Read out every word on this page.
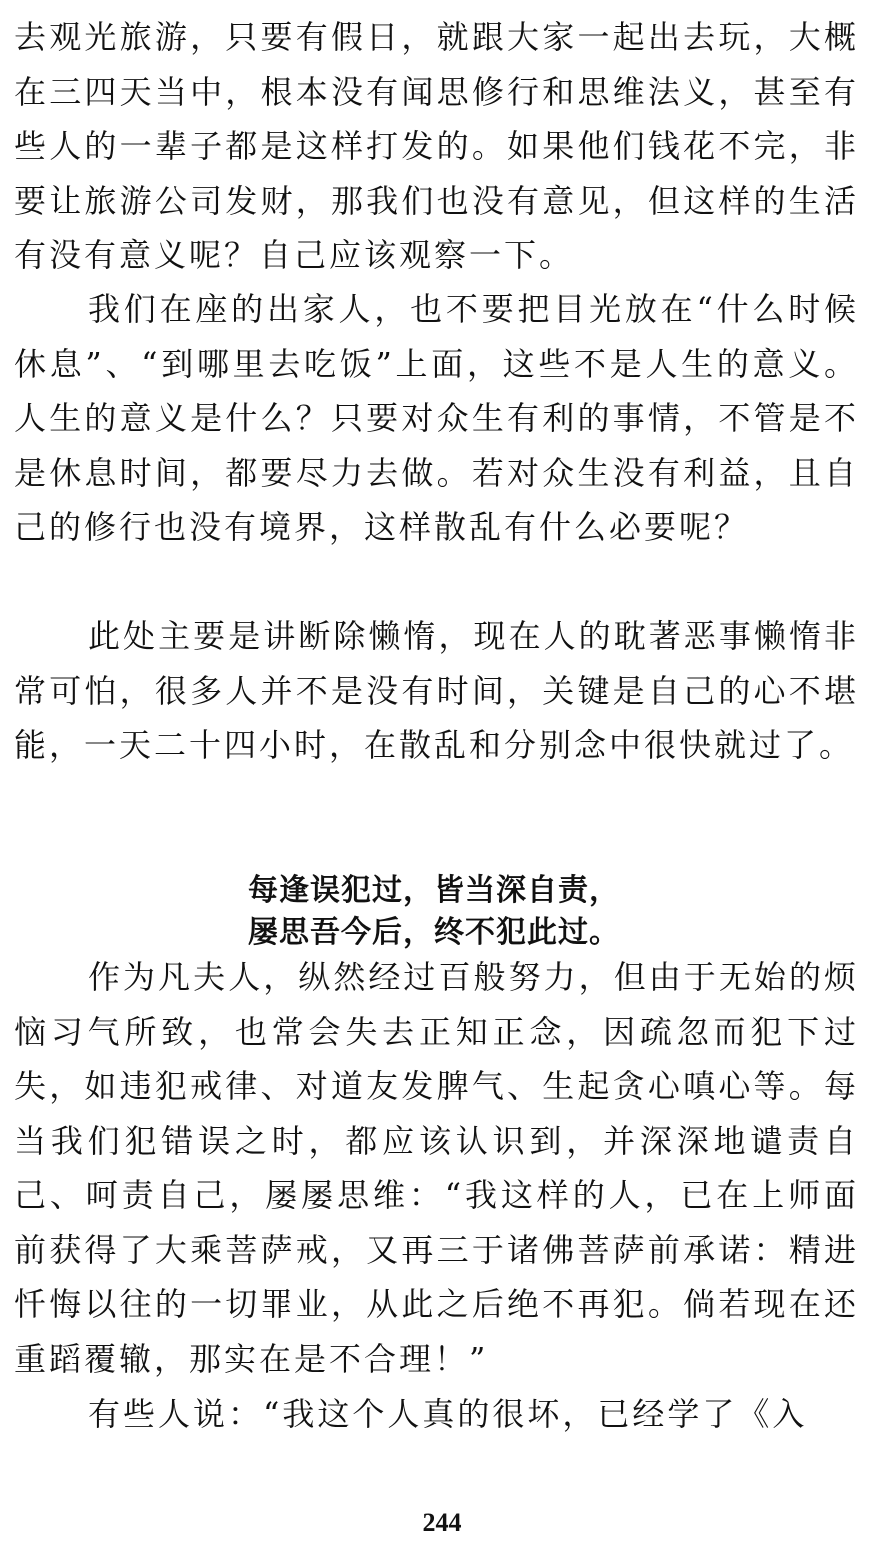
去观光旅游，只要有假日，就跟大家一起出去玩，大概在三四天当中，根本没有闻思修行和思维法义，甚至有些人的一辈子都是这样打发的。如果他们钱花不完，非要让旅游公司发财，那我们也没有意见，但这样的生活有没有意义呢？自己应该观察一下。

我们在座的出家人，也不要把目光放在“什么时候休息”、“到哪里去吃饭”上面，这些不是人生的意义。人生的意义是什么？只要对众生有利的事情，不管是不是休息时间，都要尽力去做。若对众生没有利益，且自己的修行也没有境界，这样散乱有什么必要呢？

此处主要是讲断除懒惰，现在人的耽著恶事懒惰非常可怕，很多人并不是没有时间，关键是自己的心不堪能，一天二十四小时，在散乱和分别念中很快就过了。

每逢误犯过，皆当深自责，
屡思吾今后，终不犯此过。

作为凡夫人，纵然经过百般努力，但由于无始的烦恼习气所致，也常会失去正知正念，因疏忽而犯下过失，如违犯戒律、对道友发脾气、生起贪心嗔心等。每当我们犯错误之时，都应该认识到，并深深地谴责自己、呵责自己，屡屡思维：“我这样的人，已在上师面前获得了大乘菩萨戒，又再三于诸佛菩萨前承诺：精进忏悔以往的一切罪业，从此之后绝不再犯。倘若现在还重蹈覆辙，那实在是不合理！”

有些人说：“我这个人真的很坏，已经学了《入

244
